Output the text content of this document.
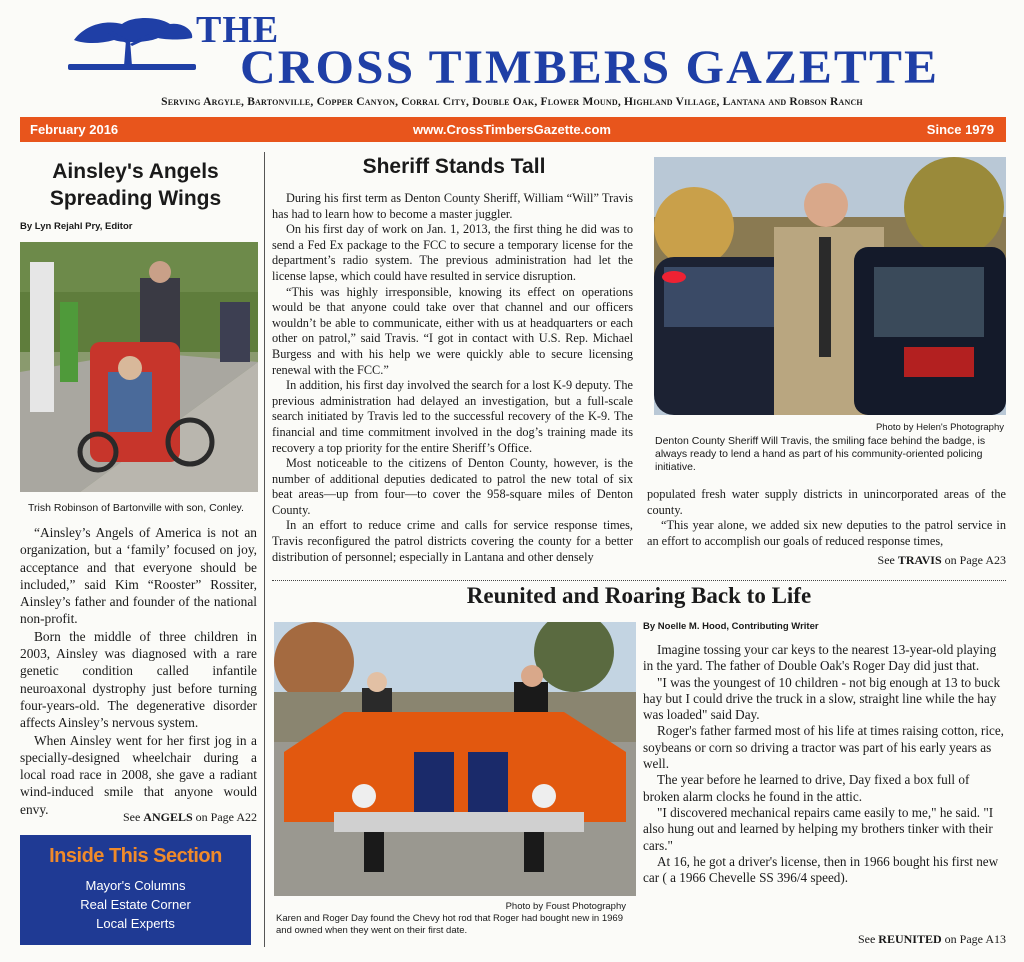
THE
CROSS TIMBERS GAZETTE
Serving Argyle, Bartonville, Copper Canyon, Corral City, Double Oak, Flower Mound, Highland Village, Lantana and Robson Ranch
February 2016	www.CrossTimbersGazette.com	Since 1979
Ainsley's Angels
Spreading Wings
By Lyn Rejahl Pry, Editor
Trish Robinson of Bartonville with son, Conley.

“Ainsley’s Angels of America is not an organization, but a ‘family’ focused on joy, acceptance and that everyone should be included,” said Kim “Rooster” Rossiter, Ainsley’s father and founder of the national non-profit.

Born the middle of three children in 2003, Ainsley was diagnosed with a rare genetic condition called infantile neuroaxonal dystrophy just before turning four-years-old. The degenerative disorder affects Ainsley’s nervous system.

When Ainsley went for her first jog in a specially-designed wheelchair during a local road race in 2008, she gave a radiant wind-induced smile that anyone would envy.

See ANGELS on Page A22
Inside This Section
Mayor's Columns
Real Estate Corner
Local Experts
Sheriff Stands Tall

During his first term as Denton County Sheriff, William “Will” Travis has had to learn how to become a master juggler.

On his first day of work on Jan. 1, 2013, the first thing he did was to send a Fed Ex package to the FCC to secure a temporary license for the department’s radio system. The previous administration had let the license lapse, which could have resulted in service disruption.

“This was highly irresponsible, knowing its effect on operations would be that anyone could take over that channel and our officers wouldn’t be able to communicate, either with us at headquarters or each other on patrol,” said Travis. “I got in contact with U.S. Rep. Michael Burgess and with his help we were quickly able to secure licensing renewal with the FCC.”

In addition, his first day involved the search for a lost K-9 deputy. The previous administration had delayed an investigation, but a full-scale search initiated by Travis led to the successful recovery of the K-9. The financial and time commitment involved in the dog’s training made its recovery a top priority for the entire Sheriff’s Office.

Most noticeable to the citizens of Denton County, however, is the number of additional deputies dedicated to patrol the new total of six beat areas—up from four—to cover the 958-square miles of Denton County.

In an effort to reduce crime and calls for service response times, Travis reconfigured the patrol districts covering the county for a better distribution of personnel; especially in Lantana and other densely

Photo by Helen's Photography
Denton County Sheriff Will Travis, the smiling face behind the badge, is always ready to lend a hand as part of his community-oriented policing initiative.

populated fresh water supply districts in unincorporated areas of the county.

“This year alone, we added six new deputies to the patrol service in an effort to accomplish our goals of reduced response times,

See TRAVIS on Page A23
Reunited and Roaring Back to Life
Photo by Foust Photography
Karen and Roger Day found the Chevy hot rod that Roger had bought new in 1969 and owned when they went on their first date.
By Noelle M. Hood, Contributing Writer

Imagine tossing your car keys to the nearest 13-year-old playing in the yard. The father of Double Oak's Roger Day did just that.

"I was the youngest of 10 children - not big enough at 13 to buck hay but I could drive the truck in a slow, straight line while the hay was loaded" said Day.

Roger's father farmed most of his life at times raising cotton, rice, soybeans or corn so driving a tractor was part of his early years as well.

The year before he learned to drive, Day fixed a box full of broken alarm clocks he found in the attic.

"I discovered mechanical repairs came easily to me," he said. "I also hung out and learned by helping my brothers tinker with their cars."

At 16, he got a driver's license, then in 1966 bought his first new car ( a 1966 Chevelle SS 396/4 speed).

See REUNITED on Page A13
